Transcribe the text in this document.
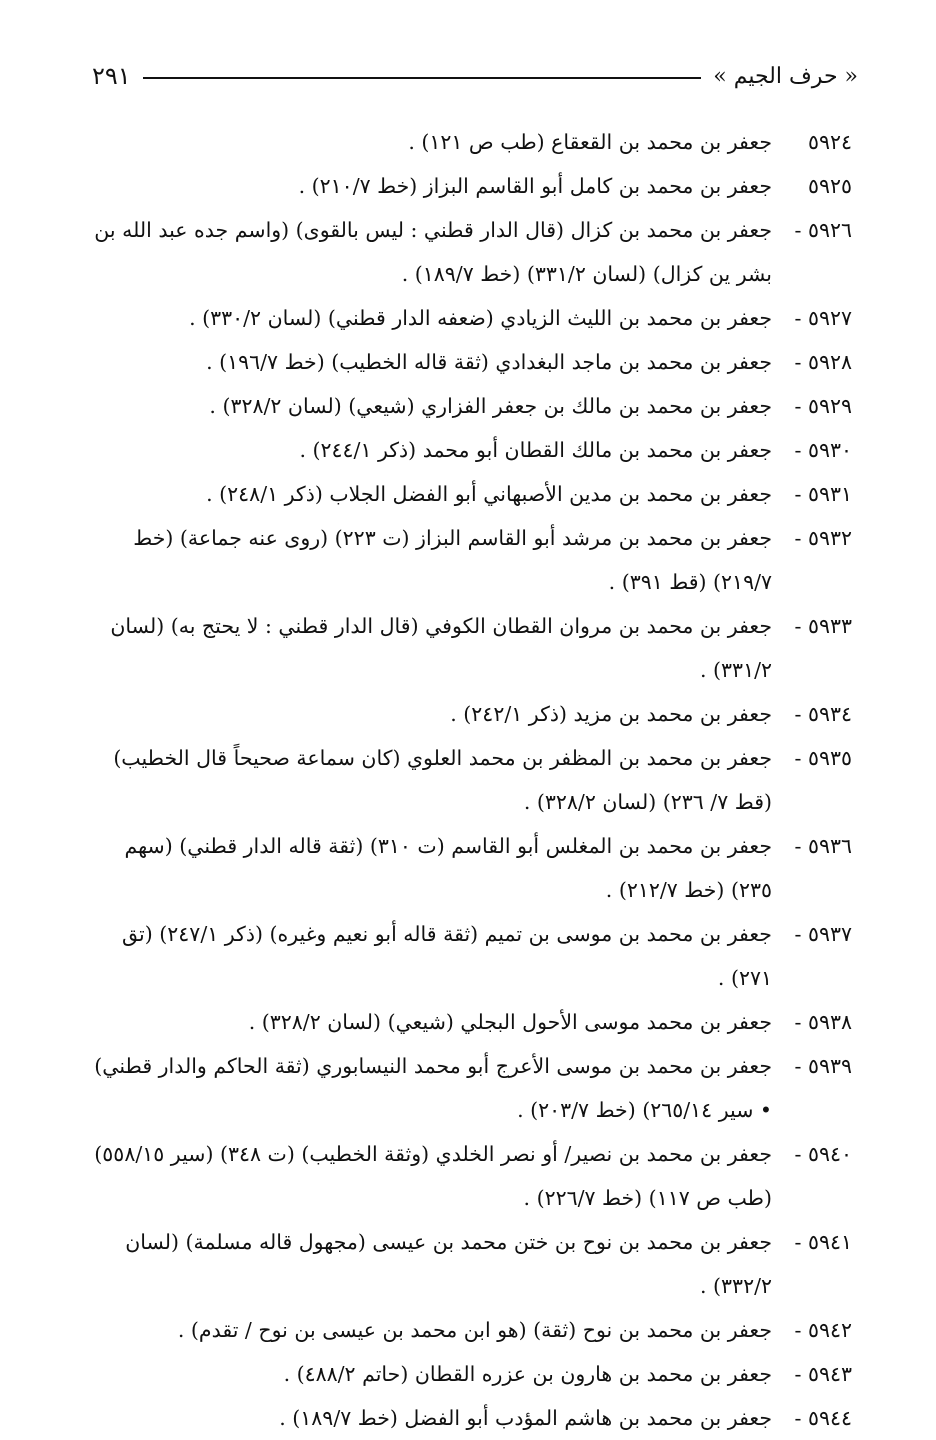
« حرف الجيم »
٢٩١
٥٩٢٤
جعفر بن محمد بن القعقاع (طب ص ١٢١) .
٥٩٢٥
جعفر بن محمد بن كامل أبو القاسم البزاز (خط ٢١٠/٧) .
٥٩٢٦ -
جعفر بن محمد بن كزال (قال الدار قطني : ليس بالقوى) (واسم جده عبد الله بن بشر ين كزال) (لسان ٣٣١/٢) (خط ١٨٩/٧) .
٥٩٢٧ -
جعفر بن محمد بن الليث الزيادي (ضعفه الدار قطني) (لسان ٣٣٠/٢) .
٥٩٢٨ -
جعفر بن محمد بن ماجد البغدادي (ثقة قاله الخطيب) (خط ١٩٦/٧) .
٥٩٢٩ -
جعفر بن محمد بن مالك بن جعفر الفزاري (شيعي) (لسان ٣٢٨/٢) .
٥٩٣٠ -
جعفر بن محمد بن مالك القطان أبو محمد (ذكر ٢٤٤/١) .
٥٩٣١ -
جعفر بن محمد بن مدين الأصبهاني أبو الفضل الجلاب (ذكر ٢٤٨/١) .
٥٩٣٢ -
جعفر بن محمد بن مرشد أبو القاسم البزاز (ت ٢٢٣) (روى عنه جماعة) (خط ٢١٩/٧) (قط ٣٩١) .
٥٩٣٣ -
جعفر بن محمد بن مروان القطان الكوفي (قال الدار قطني : لا يحتج به) (لسان ٣٣١/٢) .
٥٩٣٤ -
جعفر بن محمد بن مزيد (ذكر ٢٤٢/١) .
٥٩٣٥ -
جعفر بن محمد بن المظفر بن محمد العلوي (كان سماعة صحيحاً قال الخطيب) (قط ٧/ ٢٣٦) (لسان ٣٢٨/٢) .
٥٩٣٦ -
جعفر بن محمد بن المغلس أبو القاسم (ت ٣١٠) (ثقة قاله الدار قطني) (سهم ٢٣٥) (خط ٢١٢/٧) .
٥٩٣٧ -
جعفر بن محمد بن موسى بن تميم (ثقة قاله أبو نعيم وغيره) (ذكر ٢٤٧/١) (تق ٢٧١) .
٥٩٣٨ -
جعفر بن محمد موسى الأحول البجلي (شيعي) (لسان ٣٢٨/٢) .
٥٩٣٩ -
جعفر بن محمد بن موسى الأعرج أبو محمد النيسابوري (ثقة الحاكم والدار قطني) • سير ٢٦٥/١٤) (خط ٢٠٣/٧) .
٥٩٤٠ -
جعفر بن محمد بن نصير/ أو نصر الخلدي (وثقة الخطيب) (ت ٣٤٨) (سير ٥٥٨/١٥) (طب ص ١١٧) (خط ٢٢٦/٧) .
٥٩٤١ -
جعفر بن محمد بن نوح بن ختن محمد بن عيسى (مجهول قاله مسلمة) (لسان ٣٣٢/٢) .
٥٩٤٢ -
جعفر بن محمد بن نوح (ثقة) (هو ابن محمد بن عيسى بن نوح / تقدم) .
٥٩٤٣ -
جعفر بن محمد بن هارون بن عزره القطان (حاتم ٤٨٨/٢) .
٥٩٤٤ -
جعفر بن محمد بن هاشم المؤدب أبو الفضل (خط ١٨٩/٧) .
